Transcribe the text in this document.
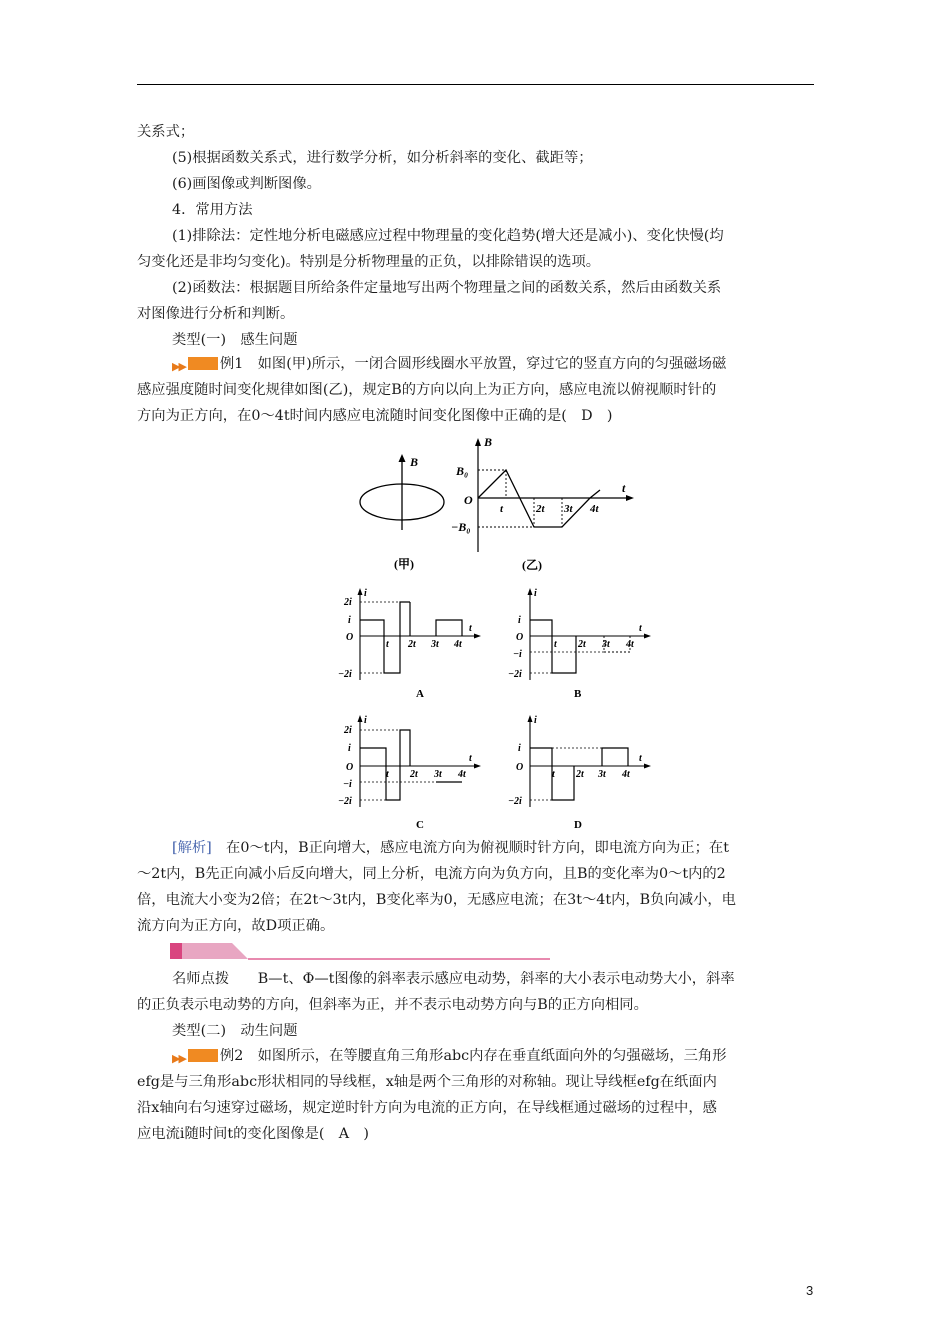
关系式；
(5)根据函数关系式，进行数学分析，如分析斜率的变化、截距等；
(6)画图像或判断图像。
4．常用方法
(1)排除法：定性地分析电磁感应过程中物理量的变化趋势(增大还是减小)、变化快慢(均
匀变化还是非均匀变化)。特别是分析物理量的正负，以排除错误的选项。
(2)函数法：根据题目所给条件定量地写出两个物理量之间的函数关系，然后由函数关系
对图像进行分析和判断。
类型(一)　感生问题
▶▶ 例1　 如图(甲)所示，一闭合圆形线圈水平放置，穿过它的竖直方向的匀强磁场磁
感应强度随时间变化规律如图(乙)，规定B的方向以向上为正方向，感应电流以俯视顺时针的
方向为正方向，在0～4t时间内感应电流随时间变化图像中正确的是(　D　)
B
(甲)
B
t
B₀
O
−B₀
t	2t 3t 4t
(乙)
i
t
2i
i
O
−2i
t 2t 3t 4t
A
i
t
i
O
−i
−2i
t 2t 3t 4t
B
i
t
2i
i
O
−i
−2i
t 2t 3t 4t
C
i
t
i
O
−2i
t 2t 3t 4t
D
[解析]　在0～t内，B正向增大，感应电流方向为俯视顺时针方向，即电流方向为正；在t
～2t内，B先正向减小后反向增大，同上分析，电流方向为负方向，且B的变化率为0～t内的2
倍，电流大小变为2倍；在2t～3t内，B变化率为0，无感应电流；在3t～4t内，B负向减小，电
流方向为正方向，故D项正确。
名师点拨　　B—t、Φ—t图像的斜率表示感应电动势，斜率的大小表示电动势大小，斜率
的正负表示电动势的方向，但斜率为正，并不表示电动势方向与B的正方向相同。
类型(二)　动生问题
▶▶ 例2　 如图所示，在等腰直角三角形abc内存在垂直纸面向外的匀强磁场，三角形
efg是与三角形abc形状相同的导线框，x轴是两个三角形的对称轴。现让导线框efg在纸面内
沿x轴向右匀速穿过磁场，规定逆时针方向为电流的正方向，在导线框通过磁场的过程中，感
应电流i随时间t的变化图像是(　A　)
3
